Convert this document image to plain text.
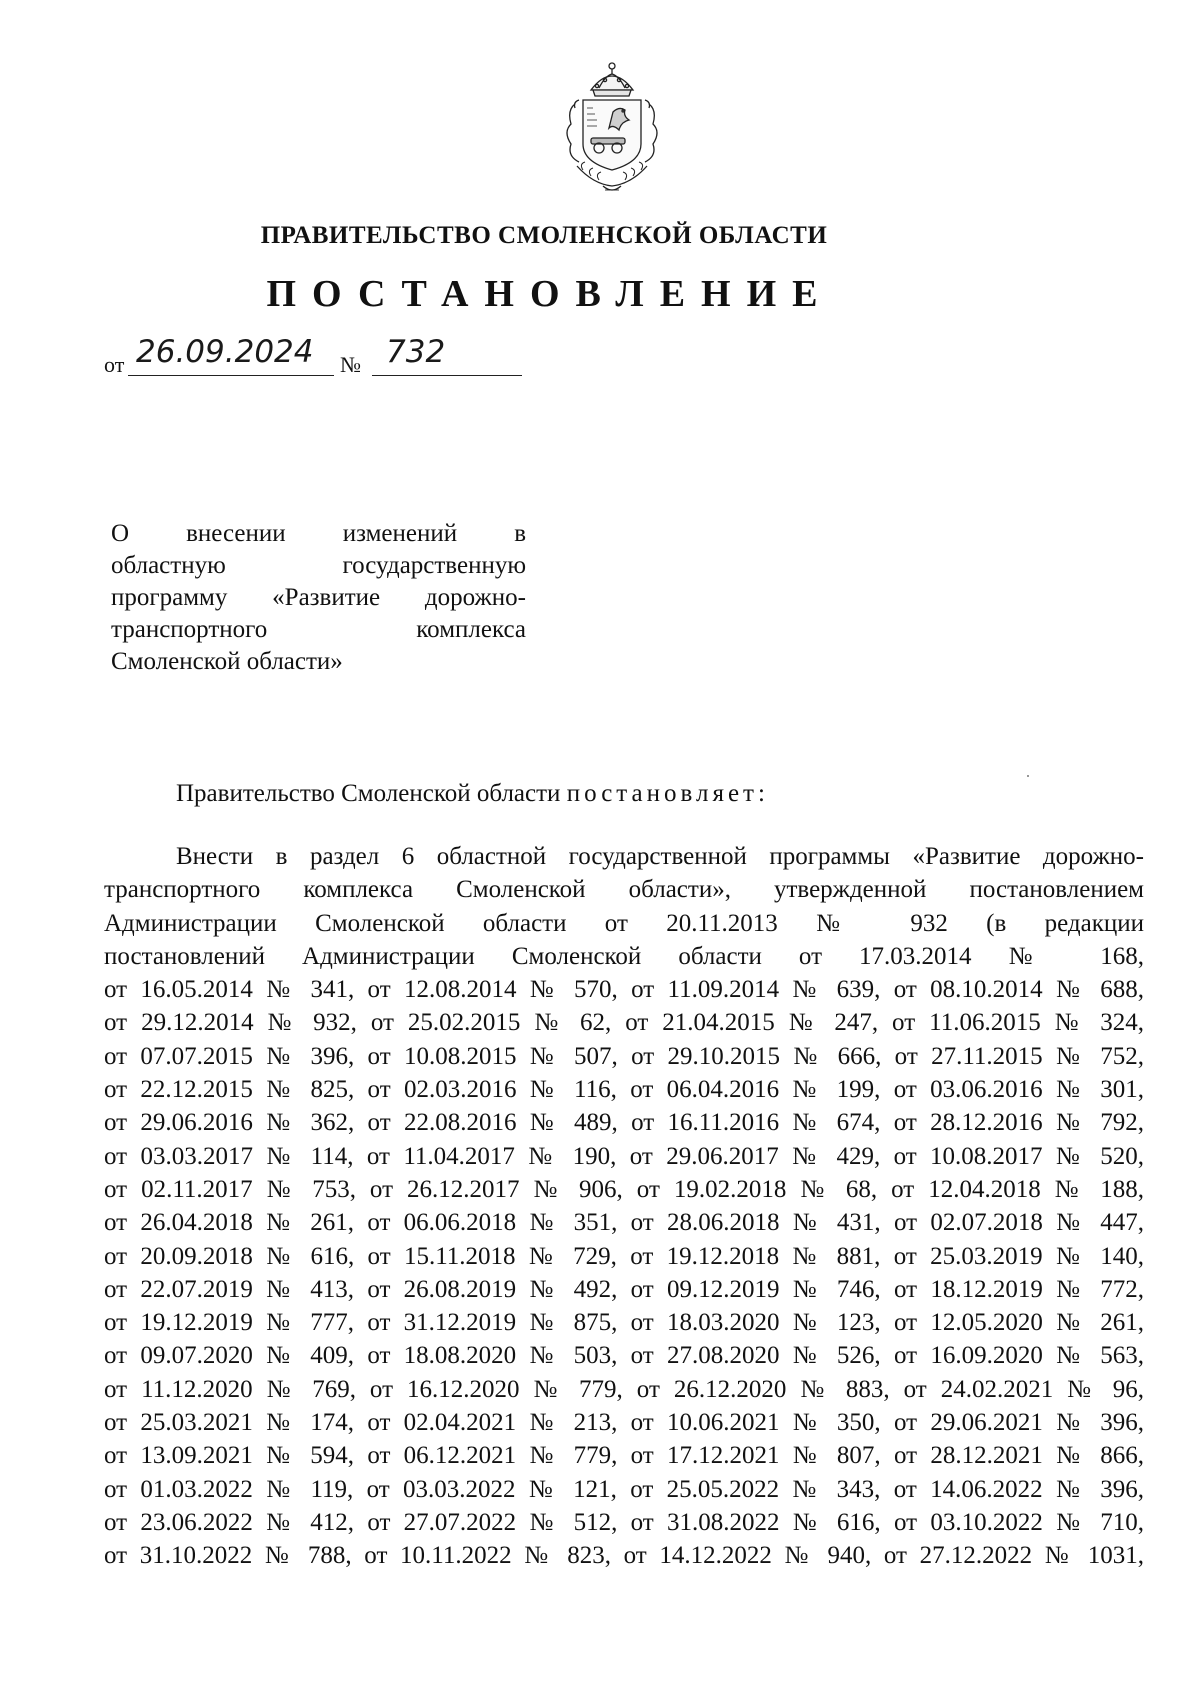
ПРАВИТЕЛЬСТВО СМОЛЕНСКОЙ ОБЛАСТИ
ПОСТАНОВЛЕНИЕ
от 26.09.2024 № 732
О внесении изменений в
областную государственную
программу «Развитие дорожно-
транспортного комплекса
Смоленской области»
Правительство Смоленской области постановляет:
Внести в раздел 6 областной государственной программы «Развитие дорожно-
транспортного комплекса Смоленской области», утвержденной постановлением
Администрации Смоленской области от 20.11.2013 № 932 (в редакции
постановлений Администрации Смоленской области от 17.03.2014 № 168,
от 16.05.2014 № 341, от 12.08.2014 № 570, от 11.09.2014 № 639, от 08.10.2014 № 688,
от 29.12.2014 № 932, от 25.02.2015 № 62, от 21.04.2015 № 247, от 11.06.2015 № 324,
от 07.07.2015 № 396, от 10.08.2015 № 507, от 29.10.2015 № 666, от 27.11.2015 № 752,
от 22.12.2015 № 825, от 02.03.2016 № 116, от 06.04.2016 № 199, от 03.06.2016 № 301,
от 29.06.2016 № 362, от 22.08.2016 № 489, от 16.11.2016 № 674, от 28.12.2016 № 792,
от 03.03.2017 № 114, от 11.04.2017 № 190, от 29.06.2017 № 429, от 10.08.2017 № 520,
от 02.11.2017 № 753, от 26.12.2017 № 906, от 19.02.2018 № 68, от 12.04.2018 № 188,
от 26.04.2018 № 261, от 06.06.2018 № 351, от 28.06.2018 № 431, от 02.07.2018 № 447,
от 20.09.2018 № 616, от 15.11.2018 № 729, от 19.12.2018 № 881, от 25.03.2019 № 140,
от 22.07.2019 № 413, от 26.08.2019 № 492, от 09.12.2019 № 746, от 18.12.2019 № 772,
от 19.12.2019 № 777, от 31.12.2019 № 875, от 18.03.2020 № 123, от 12.05.2020 № 261,
от 09.07.2020 № 409, от 18.08.2020 № 503, от 27.08.2020 № 526, от 16.09.2020 № 563,
от 11.12.2020 № 769, от 16.12.2020 № 779, от 26.12.2020 № 883, от 24.02.2021 № 96,
от 25.03.2021 № 174, от 02.04.2021 № 213, от 10.06.2021 № 350, от 29.06.2021 № 396,
от 13.09.2021 № 594, от 06.12.2021 № 779, от 17.12.2021 № 807, от 28.12.2021 № 866,
от 01.03.2022 № 119, от 03.03.2022 № 121, от 25.05.2022 № 343, от 14.06.2022 № 396,
от 23.06.2022 № 412, от 27.07.2022 № 512, от 31.08.2022 № 616, от 03.10.2022 № 710,
от 31.10.2022 № 788, от 10.11.2022 № 823, от 14.12.2022 № 940, от 27.12.2022 № 1031,
